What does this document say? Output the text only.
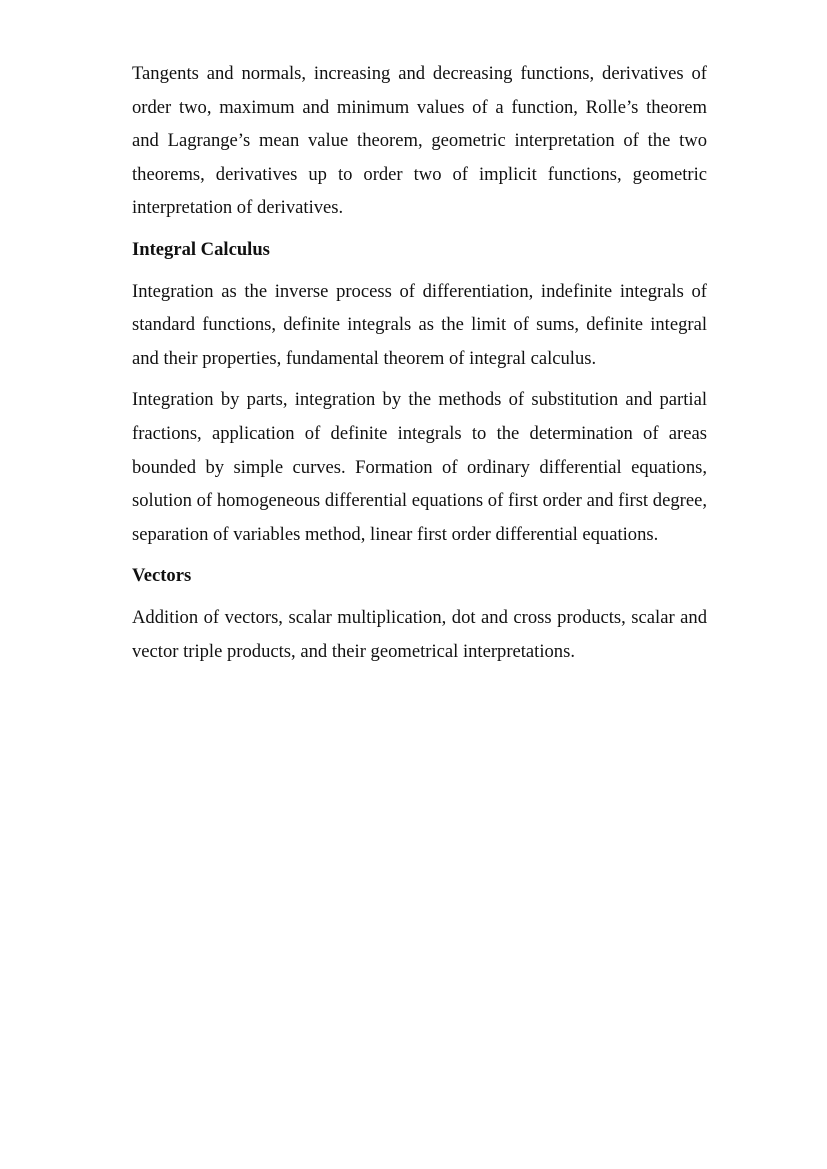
Tangents and normals, increasing and decreasing functions, derivatives of order two, maximum and minimum values of a function, Rolle’s theorem and Lagrange’s mean value theorem, geometric interpretation of the two theorems, derivatives up to order two of implicit functions, geometric interpretation of derivatives.

Integral Calculus

Integration as the inverse process of differentiation, indefinite integrals of standard functions, definite integrals as the limit of sums, definite integral and their properties, fundamental theorem of integral calculus.

Integration by parts, integration by the methods of substitution and partial fractions, application of definite integrals to the determination of areas bounded by simple curves. Formation of ordinary differential equations, solution of homogeneous differential equations of first order and first degree, separation of variables method, linear first order differential equations.

Vectors

Addition of vectors, scalar multiplication, dot and cross products, scalar and vector triple products, and their geometrical interpretations.
